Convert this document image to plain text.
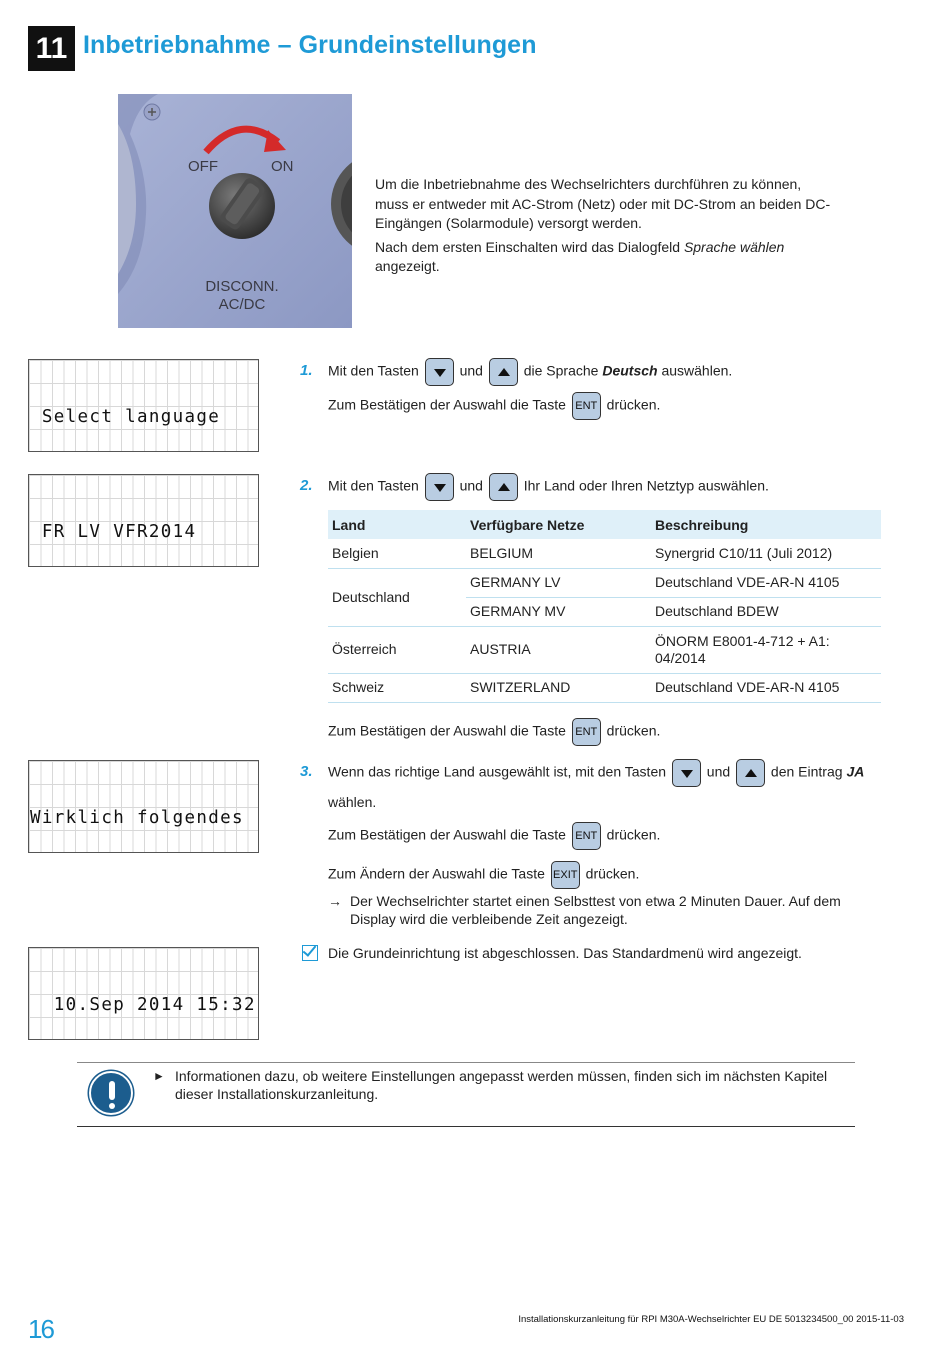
11 Inbetriebnahme – Grundeinstellungen
OFF	ON
DISCONN.
AC/DC

Um die Inbetriebnahme des Wechselrichters durchführen zu können, muss er entweder mit AC-Strom (Netz) oder mit DC-Strom an beiden DC-Eingängen (Solarmodule) versorgt werden.

Nach dem ersten Einschalten wird das Dialogfeld Sprache wählen angezeigt.

Select language

1. Mit den Tasten  und  die Sprache Deutsch auswählen.
Zum Bestätigen der Auswahl die Taste ENT drücken.

FR LV VFR2014

2. Mit den Tasten  und  Ihr Land oder Ihren Netztyp auswählen.
Land	Verfügbare Netze	Beschreibung
Belgien	BELGIUM	Synergrid C10/11 (Juli 2012)
Deutschland	GERMANY LV	Deutschland VDE-AR-N 4105
	GERMANY MV	Deutschland BDEW
Österreich	AUSTRIA	ÖNORM E8001-4-712 + A1: 04/2014
Schweiz	SWITZERLAND	Deutschland VDE-AR-N 4105
Zum Bestätigen der Auswahl die Taste ENT drücken.

Wirklich folgendes

3. Wenn das richtige Land ausgewählt ist, mit den Tasten  und  den Eintrag JA
wählen.
Zum Bestätigen der Auswahl die Taste ENT drücken.
Zum Ändern der Auswahl die Taste EXIT drücken.
→ Der Wechselrichter startet einen Selbsttest von etwa 2 Minuten Dauer. Auf dem Display wird die verbleibende Zeit angezeigt.

10.Sep 2014 15:32

Die Grundeinrichtung ist abgeschlossen. Das Standardmenü wird angezeigt.
► Informationen dazu, ob weitere Einstellungen angepasst werden müssen, finden sich im nächsten Kapitel dieser Installationskurzanleitung.
16	Installationskurzanleitung für RPI M30A-Wechselrichter EU DE 5013234500_00 2015-11-03
